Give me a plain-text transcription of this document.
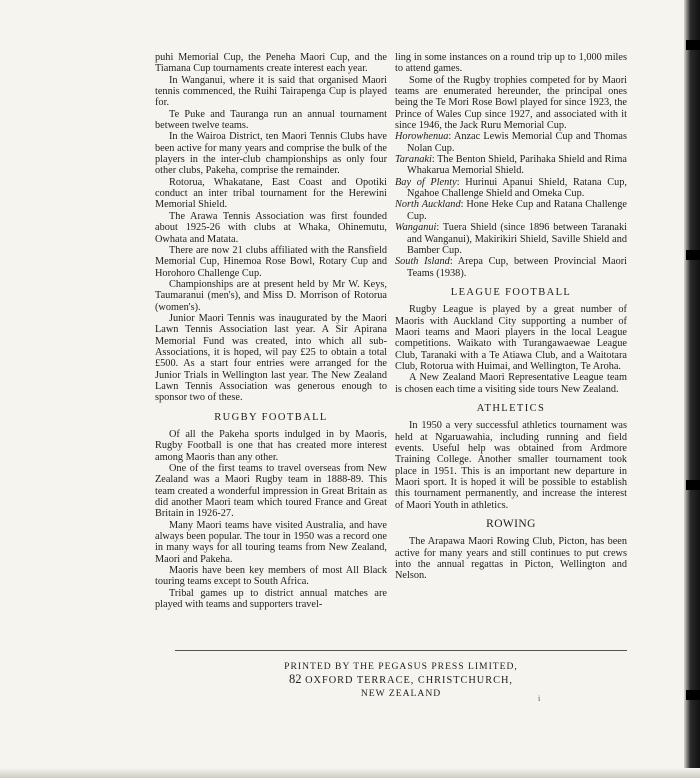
puhi Memorial Cup, the Peneha Maori Cup, and the Tiamana Cup tournaments create interest each year.

In Wanganui, where it is said that organised Maori tennis commenced, the Ruihi Tairapenga Cup is played for.

Te Puke and Tauranga run an annual tournament between twelve teams.

In the Wairoa District, ten Maori Tennis Clubs have been active for many years and comprise the bulk of the players in the inter-club championships as only four other clubs, Pakeha, comprise the remainder.

Rotorua, Whakatane, East Coast and Opotiki conduct an inter tribal tournament for the Herewini Memorial Shield.

The Arawa Tennis Association was first founded about 1925-26 with clubs at Whaka, Ohinemutu, Owhata and Matata.

There are now 21 clubs affiliated with the Ransfield Memorial Cup, Hinemoa Rose Bowl, Rotary Cup and Horohoro Challenge Cup.

Championships are at present held by Mr W. Keys, Taumaranui (men's), and Miss D. Morrison of Rotorua (women's).

Junior Maori Tennis was inaugurated by the Maori Lawn Tennis Association last year. A Sir Apirana Memorial Fund was created, into which all sub-Associations, it is hoped, wil pay £25 to obtain a total £500. As a start four entries were arranged for the Junior Trials in Wellington last year. The New Zealand Lawn Tennis Association was generous enough to sponsor two of these.

RUGBY FOOTBALL

Of all the Pakeha sports indulged in by Maoris, Rugby Football is one that has created more interest among Maoris than any other.

One of the first teams to travel overseas from New Zealand was a Maori Rugby team in 1888-89. This team created a wonderful impression in Great Britain as did another Maori team which toured France and Great Britain in 1926-27.

Many Maori teams have visited Australia, and have always been popular. The tour in 1950 was a record one in many ways for all touring teams from New Zealand, Maori and Pakeha.

Maoris have been key members of most All Black touring teams except to South Africa.

Tribal games up to district annual matches are played with teams and supporters travel-

ling in some instances on a round trip up to 1,000 miles to attend games.

Some of the Rugby trophies competed for by Maori teams are enumerated hereunder, the principal ones being the Te Mori Rose Bowl played for since 1923, the Prince of Wales Cup since 1927, and associated with it since 1946, the Jack Ruru Memorial Cup.

Horowhenua: Anzac Lewis Memorial Cup and Thomas Nolan Cup.

Taranaki: The Benton Shield, Parihaka Shield and Rima Whakarua Memorial Shield.

Bay of Plenty: Hurinui Apanui Shield, Ratana Cup, Ngahoe Challenge Shield and Omeka Cup.

North Auckland: Hone Heke Cup and Ratana Challenge Cup.

Wanganui: Tuera Shield (since 1896 between Taranaki and Wanganui), Makirikiri Shield, Saville Shield and Bamber Cup.

South Island: Arepa Cup, between Provincial Maori Teams (1938).

LEAGUE FOOTBALL

Rugby League is played by a great number of Maoris with Auckland City supporting a number of Maori teams and Maori players in the local League competitions. Waikato with Turangawaewae League Club, Taranaki with a Te Atiawa Club, and a Waitotara Club, Rotorua with Huimai, and Wellington, Te Aroha.

A New Zealand Maori Representative League team is chosen each time a visiting side tours New Zealand.

ATHLETICS

In 1950 a very successful athletics tournament was held at Ngaruawahia, including running and field events. Useful help was obtained from Ardmore Training College. Another smaller tournament took place in 1951. This is an important new departure in Maori sport. It is hoped it will be possible to establish this tournament permanently, and increase the interest of Maori Youth in athletics.

ROWING

The Arapawa Maori Rowing Club, Picton, has been active for many years and still continues to put crews into the annual regattas in Picton, Wellington and Nelson.

PRINTED BY THE PEGASUS PRESS LIMITED,
82 OXFORD TERRACE, CHRISTCHURCH,
NEW ZEALAND	i
